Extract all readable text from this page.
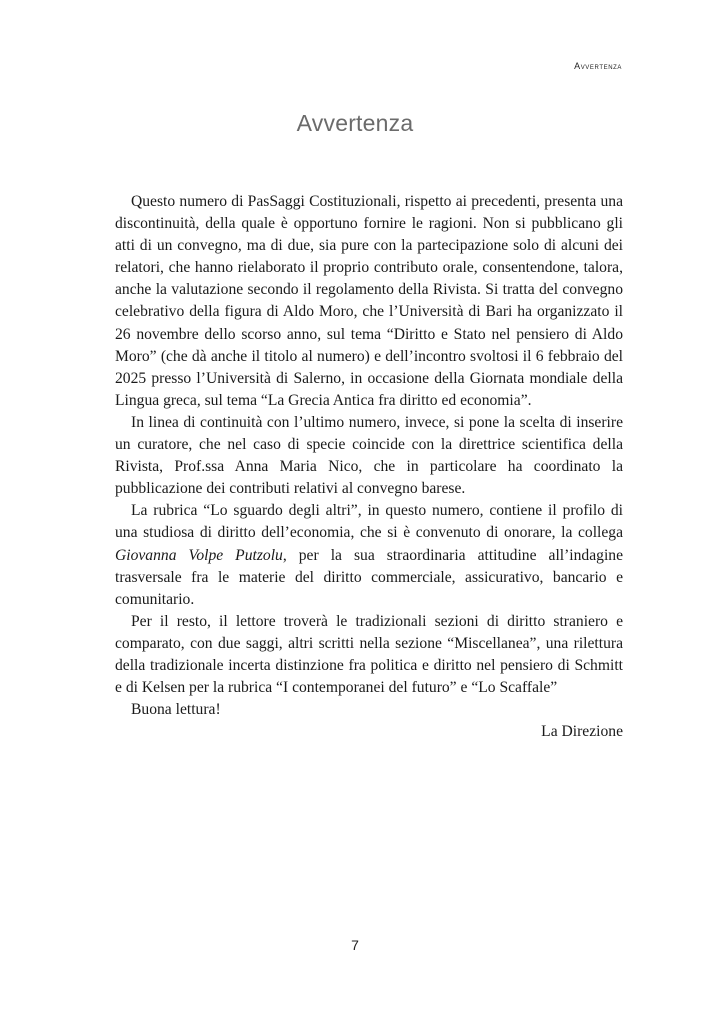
Avvertenza
Avvertenza

Questo numero di PasSaggi Costituzionali, rispetto ai precedenti, presenta una discontinuità, della quale è opportuno fornire le ragioni. Non si pubblicano gli atti di un convegno, ma di due, sia pure con la partecipazione solo di alcuni dei relatori, che hanno rielaborato il proprio contributo orale, consentendone, talora, anche la valutazione secondo il regolamento della Rivista. Si tratta del convegno celebrativo della figura di Aldo Moro, che l’Università di Bari ha organizzato il 26 novembre dello scorso anno, sul tema “Diritto e Stato nel pensiero di Aldo Moro” (che dà anche il titolo al numero) e dell’incontro svoltosi il 6 febbraio del 2025 presso l’Università di Salerno, in occasione della Giornata mondiale della Lingua greca, sul tema “La Grecia Antica fra diritto ed economia”.

In linea di continuità con l’ultimo numero, invece, si pone la scelta di inserire un curatore, che nel caso di specie coincide con la direttrice scientifica della Rivista, Prof.ssa Anna Maria Nico, che in particolare ha coordinato la pubblicazione dei contributi relativi al convegno barese.

La rubrica “Lo sguardo degli altri”, in questo numero, contiene il profilo di una studiosa di diritto dell’economia, che si è convenuto di onorare, la collega Giovanna Volpe Putzolu, per la sua straordinaria attitudine all’indagine trasversale fra le materie del diritto commerciale, assicurativo, bancario e comunitario.

Per il resto, il lettore troverà le tradizionali sezioni di diritto straniero e comparato, con due saggi, altri scritti nella sezione “Miscellanea”, una rilettura della tradizionale incerta distinzione fra politica e diritto nel pensiero di Schmitt e di Kelsen per la rubrica “I contemporanei del futuro” e “Lo Scaffale”

Buona lettura!

La Direzione

7
